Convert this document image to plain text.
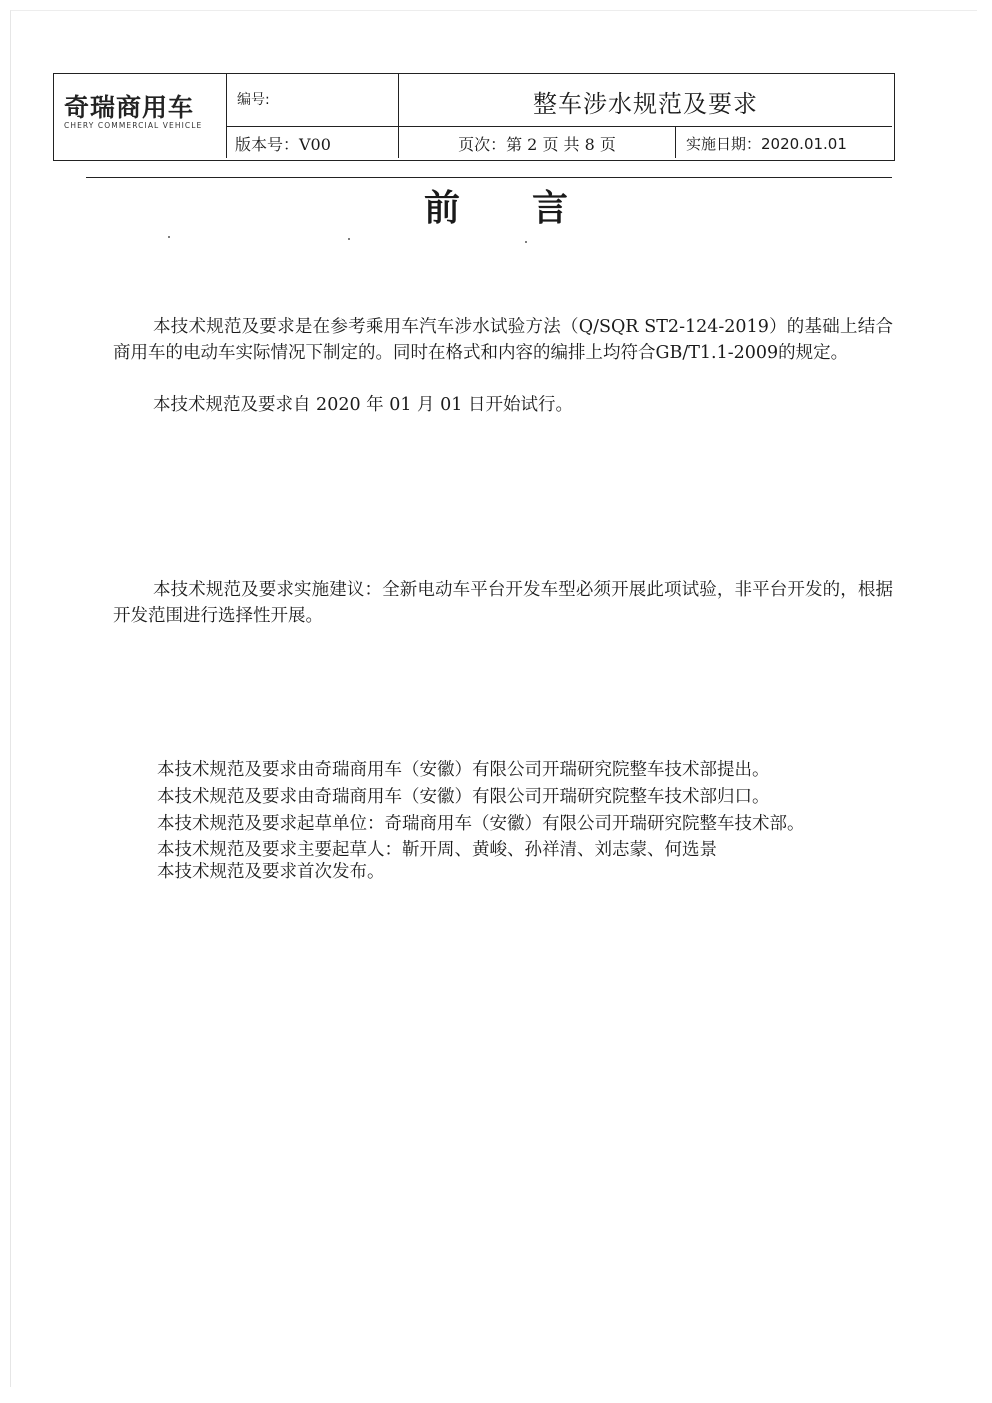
奇瑞商用车
CHERY COMMERCIAL VEHICLE
编号:	整车涉水规范及要求
版本号：V00	页次：第 2 页 共 8 页	实施日期：2020.01.01
前言

本技术规范及要求是在参考乘用车汽车涉水试验方法（Q/SQR ST2-124-2019）的基础上结合商用车的电动车实际情况下制定的。同时在格式和内容的编排上均符合GB/T1.1-2009的规定。

本技术规范及要求自 2020 年 01 月 01 日开始试行。

本技术规范及要求实施建议：全新电动车平台开发车型必须开展此项试验，非平台开发的，根据开发范围进行选择性开展。

本技术规范及要求由奇瑞商用车（安徽）有限公司开瑞研究院整车技术部提出。

本技术规范及要求由奇瑞商用车（安徽）有限公司开瑞研究院整车技术部归口。

本技术规范及要求起草单位：奇瑞商用车（安徽）有限公司开瑞研究院整车技术部。

本技术规范及要求主要起草人：靳开周、黄峻、孙祥清、刘志蒙、何选景

本技术规范及要求首次发布。
